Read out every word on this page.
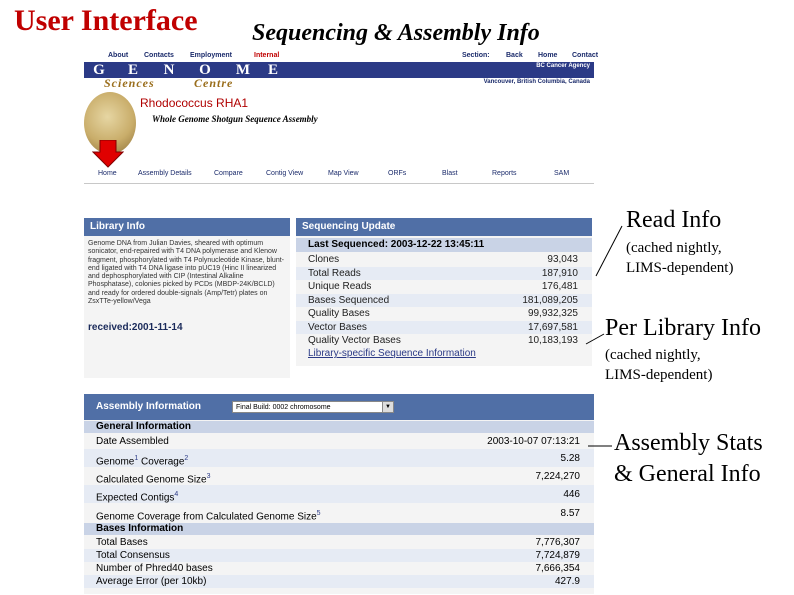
User Interface Sequencing & Assembly Info
About Contacts Employment	Internal	Section: Back Home Contact
G E N O M E	BC Cancer Agency
Sciences	Centre	Vancouver, British Columbia, Canada
Rhodococcus RHA1
Whole Genome Shotgun Sequence Assembly
Home	Assembly Details	Compare	Contig View	Map View	ORFs	Blast	Reports	SAM
Library Info
Genome DNA from Julian Davies, sheared with optimum sonicator, end-repaired with T4 DNA polymerase and Klenow fragment, phosphorylated with T4 Polynucleotide Kinase, blunt-end ligated with T4 DNA ligase into pUC19 (Hinc II linearized and dephosphorylated with CIP (Intestinal Alkaline Phosphatase), colonies picked by PCDs (MBDP-24K/BCLD) and ready for ordered double-signals (Amp/Tetr) plates on ZsxTTe-yellow/Vega
received:2001-11-14
Sequencing Update
Last Sequenced: 2003-12-22 13:45:11
Clones	93,043
Total Reads	187,910
Unique Reads	176,481
Bases Sequenced	181,089,205
Quality Bases	99,932,325
Vector Bases	17,697,581
Quality Vector Bases	10,183,193
Library-specific Sequence Information
Assembly Information	Final Build: 0002 chromosome	▼
General Information
Date Assembled	2003-10-07 07:13:21
Genome$^1$ Coverage$^2$	5.28
Calculated Genome Size$^3$	7,224,270
Expected Contigs$^4$	446
Genome Coverage from Calculated Genome Size$^5$	8.57
Bases Information
Total Bases	7,776,307
Total Consensus	7,724,879
Number of Phred40 bases	7,666,354
Average Error (per 10kb)	427.9
Read Info
(cached nightly,
LIMS-dependent)
Per Library Info
(cached nightly,
LIMS-dependent)
Assembly Stats
& General Info
